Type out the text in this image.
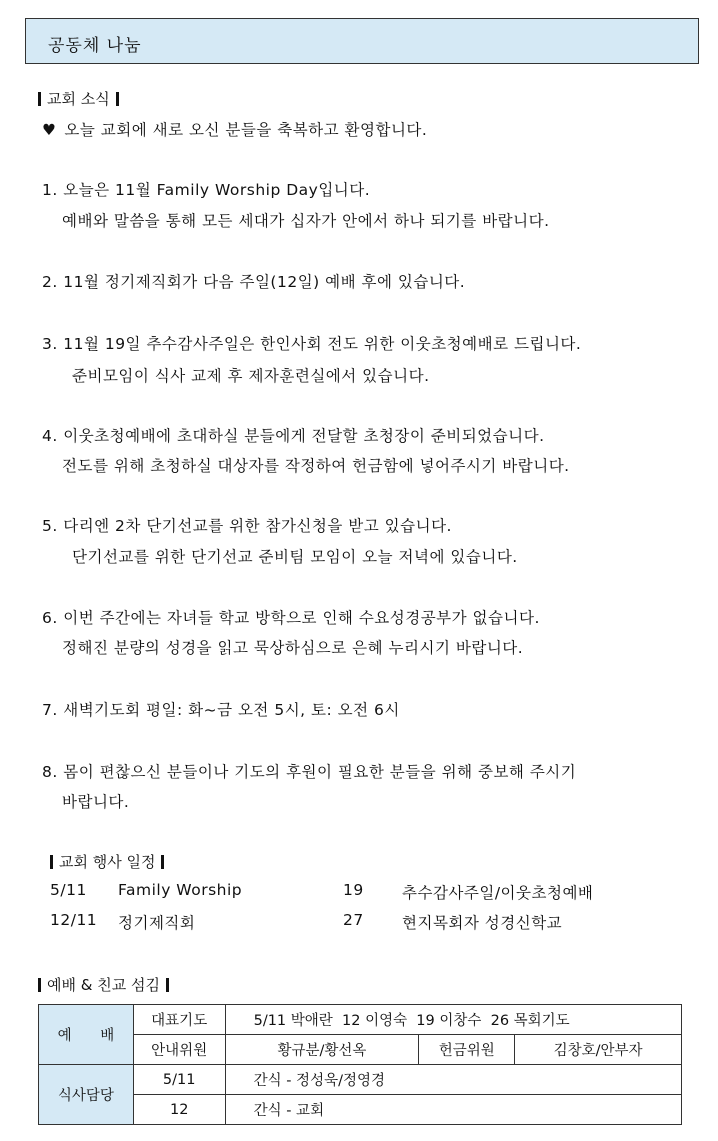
공동체 나눔
교회 소식
♥ 오늘 교회에 새로 오신 분들을 축복하고 환영합니다.
1. 오늘은 11월 Family Worship Day입니다.
예배와 말씀을 통해 모든 세대가 십자가 안에서 하나 되기를 바랍니다.
2. 11월 정기제직회가 다음 주일(12일) 예배 후에 있습니다.
3. 11월 19일 추수감사주일은 한인사회 전도 위한 이웃초청예배로 드립니다.
준비모임이 식사 교제 후 제자훈련실에서 있습니다.
4. 이웃초청예배에 초대하실 분들에게 전달할 초청장이 준비되었습니다.
전도를 위해 초청하실 대상자를 작정하여 헌금함에 넣어주시기 바랍니다.
5. 다리엔 2차 단기선교를 위한 참가신청을 받고 있습니다.
단기선교를 위한 단기선교 준비팀 모임이 오늘 저녁에 있습니다.
6. 이번 주간에는 자녀들 학교 방학으로 인해 수요성경공부가 없습니다.
정해진 분량의 성경을 읽고 묵상하심으로 은혜 누리시기 바랍니다.
7. 새벽기도회 평일: 화~금 오전 5시, 토: 오전 6시
8. 몸이 편찮으신 분들이나 기도의 후원이 필요한 분들을 위해 중보해 주시기
바랍니다.
교회 행사 일정
5/11 Family Worship	19 추수감사주일/이웃초청예배
12/11 정기제직회	27 현지목회자 성경신학교
예배 & 친교 섬김
예 배	대표기도	5/11 박애란  12 이영숙  19 이창수  26 목회기도		
	안내위원	황규분/황선옥	헌금위원	김창호/안부자
식사담당	5/11	간식 - 정성욱/정영경		
	12	간식 - 교회		
